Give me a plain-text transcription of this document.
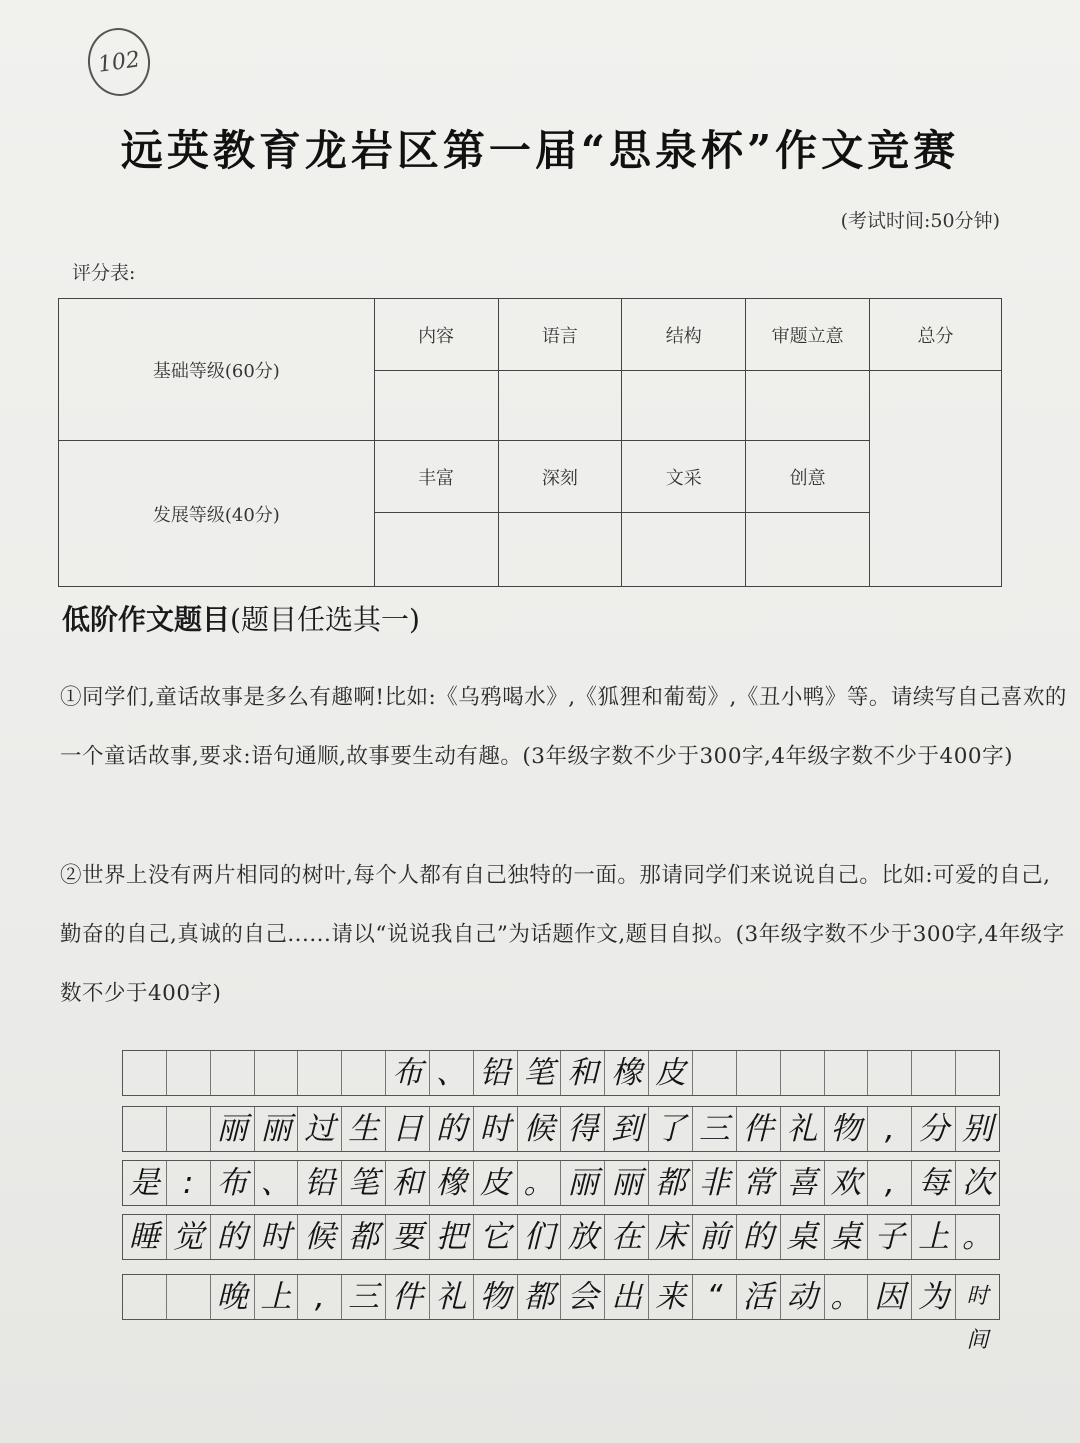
102
远英教育龙岩区第一届“思泉杯”作文竞赛
(考试时间:50分钟)
评分表:
基础等级(60分)	内容	语言	结构	审题立意	总分

发展等级(40分)	丰富	深刻	文采	创意	

低阶作文题目(题目任选其一)
①同学们,童话故事是多么有趣啊!比如:《乌鸦喝水》,《狐狸和葡萄》,《丑小鸭》等。请续写自己喜欢的一个童话故事,要求:语句通顺,故事要生动有趣。(3年级字数不少于300字,4年级字数不少于400字)
②世界上没有两片相同的树叶,每个人都有自己独特的一面。那请同学们来说说自己。比如:可爱的自己,勤奋的自己,真诚的自己......请以“说说我自己”为话题作文,题目自拟。(3年级字数不少于300字,4年级字数不少于400字)
布 、 铅 笔 和 橡 皮
丽 丽 过 生 日 的 时 候 得 到 了 三 件 礼 物 , 分 别
是 : 布 、 铅 笔 和 橡 皮 。 丽 丽 都 非 常 喜 欢 , 每 次
睡 觉 的 时 候 都 要 把 它 们 放 在 床 前 的 桌 桌 子 上 。
晚 上 , 三 件 礼 物 都 会 出 来 “ 活 动 。 因 为 时间
